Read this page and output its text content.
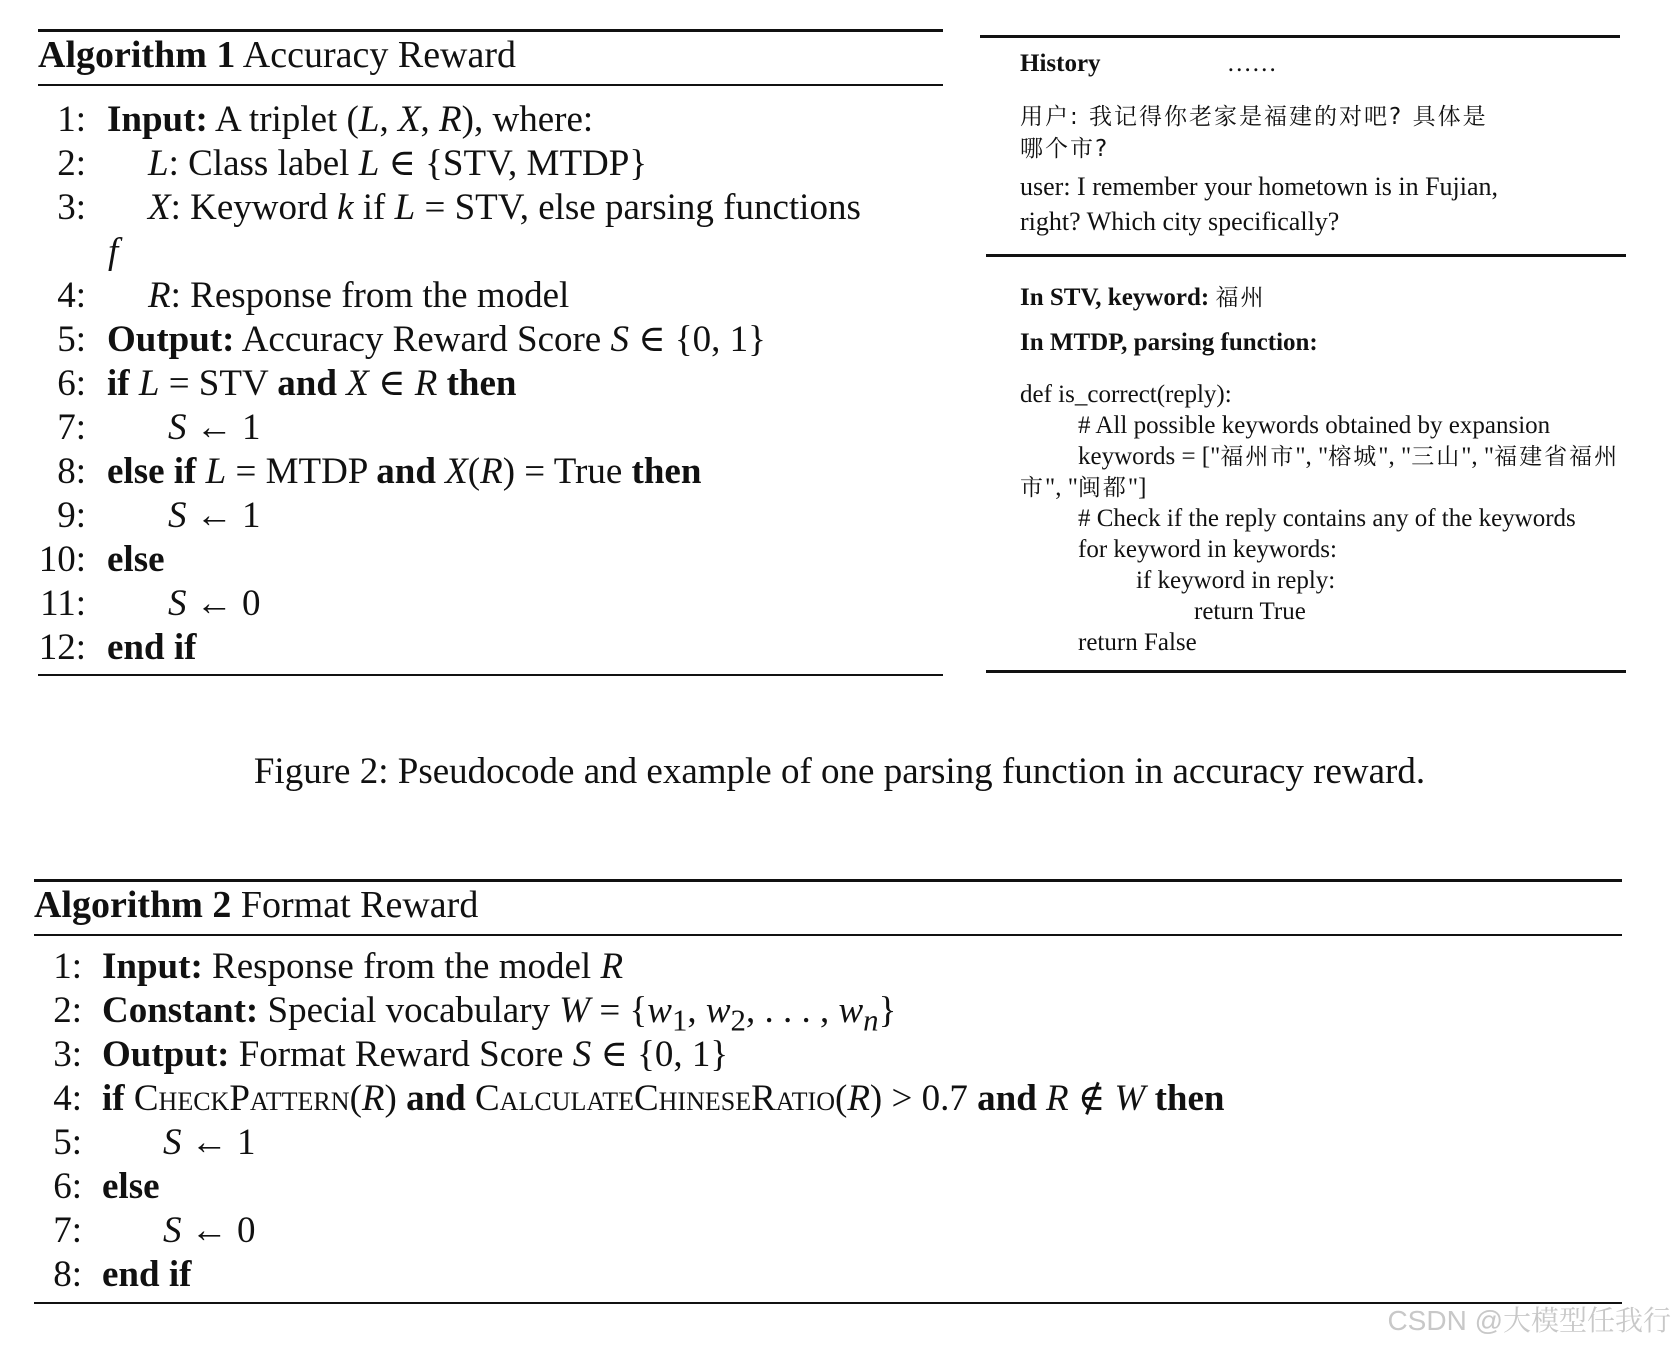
Algorithm 1 Accuracy Reward
1: Input: A triplet (L, X, R), where:
2: L: Class label L ∈ {STV, MTDP}
3: X: Keyword k if L = STV, else parsing functions
f
4: R: Response from the model
5: Output: Accuracy Reward Score S ∈ {0, 1}
6: if L = STV and X ∈ R then
7: S ← 1
8: else if L = MTDP and X(R) = True then
9: S ← 1
10: else
11: S ← 0
12: end if
History	……
用户: 我记得你老家是福建的对吧? 具体是
哪个市?
user: I remember your hometown is in Fujian,
right? Which city specifically?
In STV, keyword: 福州
In MTDP, parsing function:
def is_correct(reply):
# All possible keywords obtained by expansion
keywords = ["福州市", "榕城", "三山", "福建省福州
市", "闽都"]
# Check if the reply contains any of the keywords
for keyword in keywords:
if keyword in reply:
return True
return False
Figure 2: Pseudocode and example of one parsing function in accuracy reward.
Algorithm 2 Format Reward
1: Input: Response from the model R
2: Constant: Special vocabulary $W = \{w_1$, $w_2$, . . . , $w_n$}
3: Output: Format Reward Score S ∈ {0, 1}
4: if CheckPattern(R) and CalculateChineseRatio(R) > 0.7 and R ∉ W then
5: S ← 1
6: else
7: S ← 0
8: end if
CSDN @大模型任我行
